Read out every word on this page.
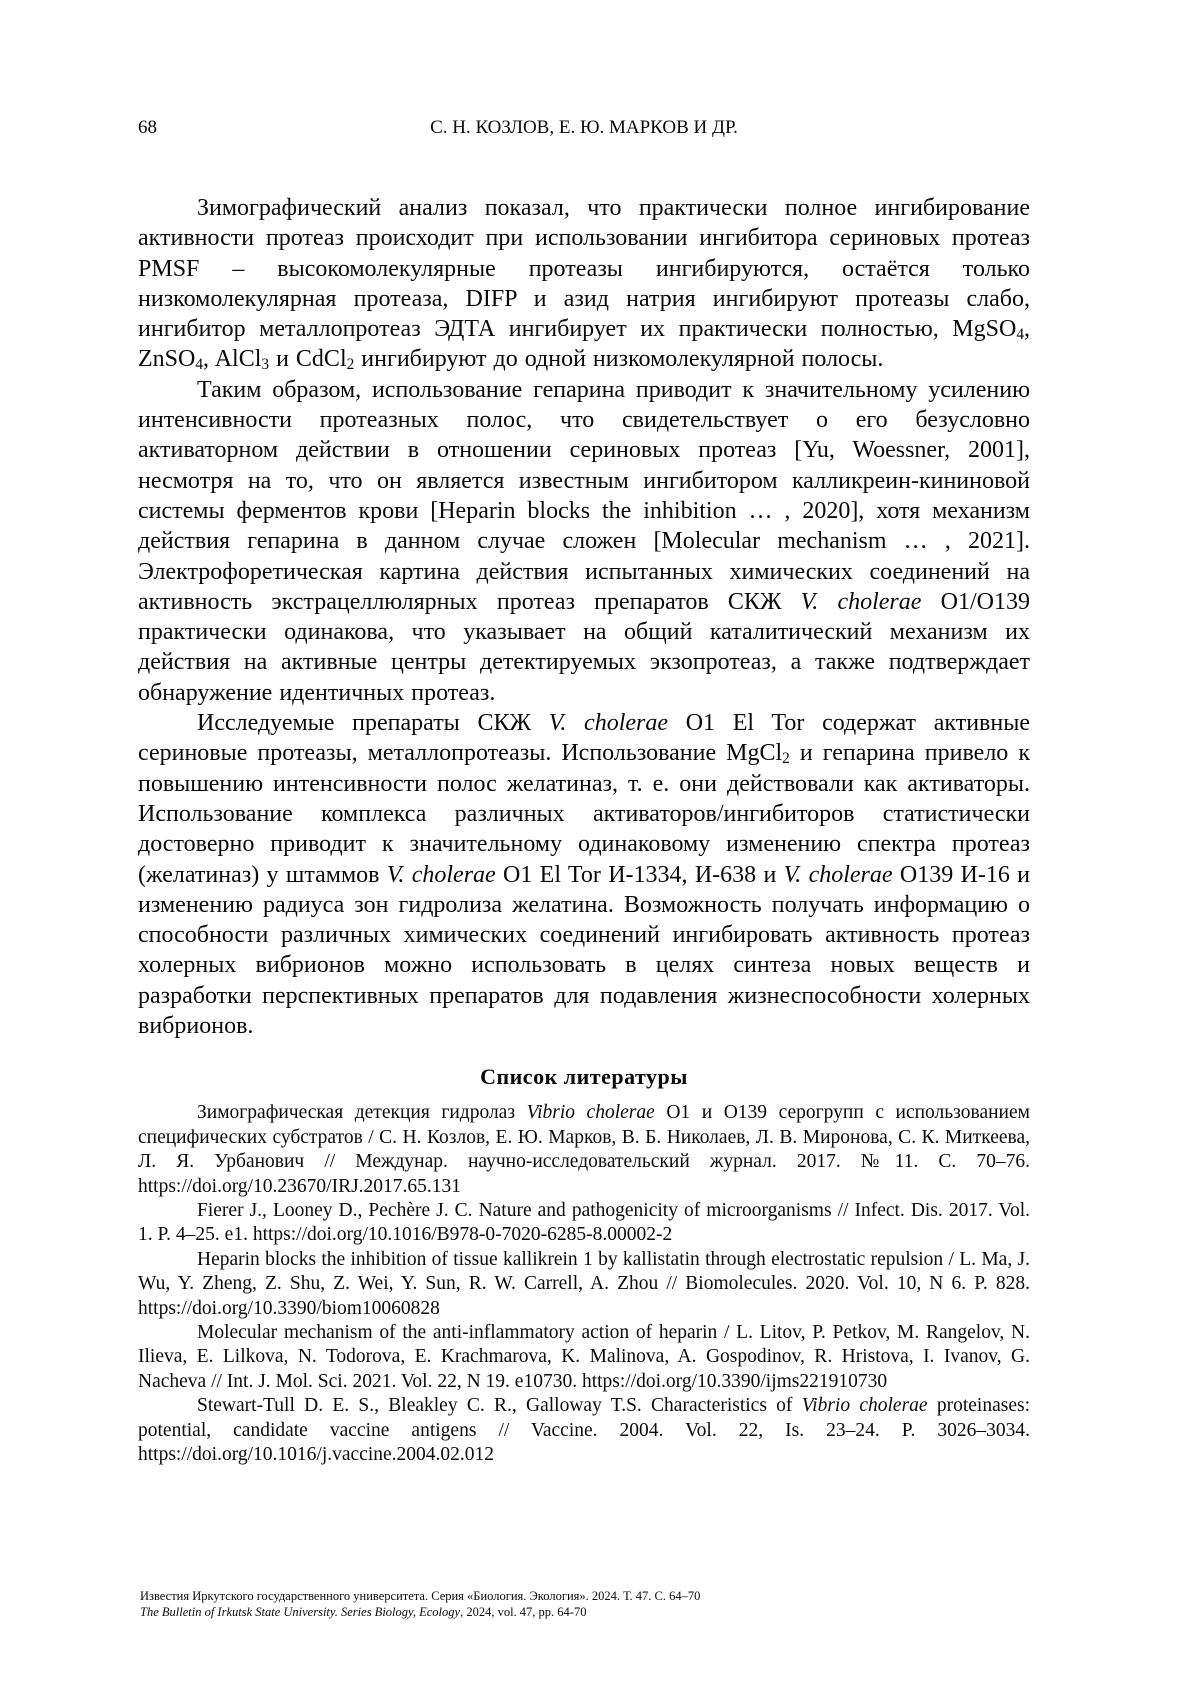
68	С. Н. КОЗЛОВ, Е. Ю. МАРКОВ И ДР.

Зимографический анализ показал, что практически полное ингибирование активности протеаз происходит при использовании ингибитора сериновых протеаз PMSF – высокомолекулярные протеазы ингибируются, остаётся только низкомолекулярная протеаза, DIFP и азид натрия ингибируют протеазы слабо, ингибитор металлопротеаз ЭДТА ингибирует их практически полностью, MgSO$_4$, ZnSO$_4$, AlCl$_3$ и CdCl$_2$ ингибируют до одной низкомолекулярной полосы.

Таким образом, использование гепарина приводит к значительному усилению интенсивности протеазных полос, что свидетельствует о его безусловно активаторном действии в отношении сериновых протеаз [Yu, Woessner, 2001], несмотря на то, что он является известным ингибитором калликреин-кининовой системы ферментов крови [Heparin blocks the inhibition … , 2020], хотя механизм действия гепарина в данном случае сложен [Molecular mechanism … , 2021]. Электрофоретическая картина действия испытанных химических соединений на активность экстрацеллюлярных протеаз препаратов СКЖ V. cholerae О1/О139 практически одинакова, что указывает на общий каталитический механизм их действия на активные центры детектируемых экзопротеаз, а также подтверждает обнаружение идентичных протеаз.

Исследуемые препараты СКЖ V. cholerae О1 El Tor содержат активные сериновые протеазы, металлопротеазы. Использование MgCl$_2$ и гепарина привело к повышению интенсивности полос желатиназ, т. е. они действовали как активаторы. Использование комплекса различных активаторов/ингибиторов статистически достоверно приводит к значительному одинаковому изменению спектра протеаз (желатиназ) у штаммов V. cholerae О1 El Tor И-1334, И-638 и V. cholerae О139 И-16 и изменению радиуса зон гидролиза желатина. Возможность получать информацию о способности различных химических соединений ингибировать активность протеаз холерных вибрионов можно использовать в целях синтеза новых веществ и разработки перспективных препаратов для подавления жизнеспособности холерных вибрионов.

Список литературы

Зимографическая детекция гидролаз Vibrio cholerae О1 и О139 серогрупп с использованием специфических субстратов / С. Н. Козлов, Е. Ю. Марков, В. Б. Николаев, Л. В. Миронова, С. К. Миткеева, Л. Я. Урбанович // Междунар. научно-исследовательский журнал. 2017. №11. С. 70–76. https://doi.org/10.23670/IRJ.2017.65.131

Fierer J., Looney D., Pechère J. C. Nature and pathogenicity of microorganisms // Infect. Dis. 2017. Vol. 1. P. 4–25. e1. https://doi.org/10.1016/B978-0-7020-6285-8.00002-2

Heparin blocks the inhibition of tissue kallikrein 1 by kallistatin through electrostatic repulsion / L. Ma, J. Wu, Y. Zheng, Z. Shu, Z. Wei, Y. Sun, R. W. Carrell, A. Zhou // Biomolecules. 2020. Vol. 10, N 6. P. 828. https://doi.org/10.3390/biom10060828

Molecular mechanism of the anti-inflammatory action of heparin / L. Litov, P. Petkov, M. Rangelov, N. Ilieva, E. Lilkova, N. Todorova, E. Krachmarova, K. Malinova, A. Gospodinov, R. Hristova, I. Ivanov, G. Nacheva // Int. J. Mol. Sci. 2021. Vol. 22, N 19. e10730. https://doi.org/10.3390/ijms221910730

Stewart-Tull D. E. S., Bleakley C. R., Galloway T.S. Characteristics of Vibrio cholerae proteinases: potential, candidate vaccine antigens // Vaccine. 2004. Vol. 22, Is. 23–24. P. 3026–3034. https://doi.org/10.1016/j.vaccine.2004.02.012

Известия Иркутского государственного университета. Серия «Биология. Экология». 2024. Т. 47. С. 64–70
The Bulletin of Irkutsk State University. Series Biology, Ecology, 2024, vol. 47, pp. 64-70
